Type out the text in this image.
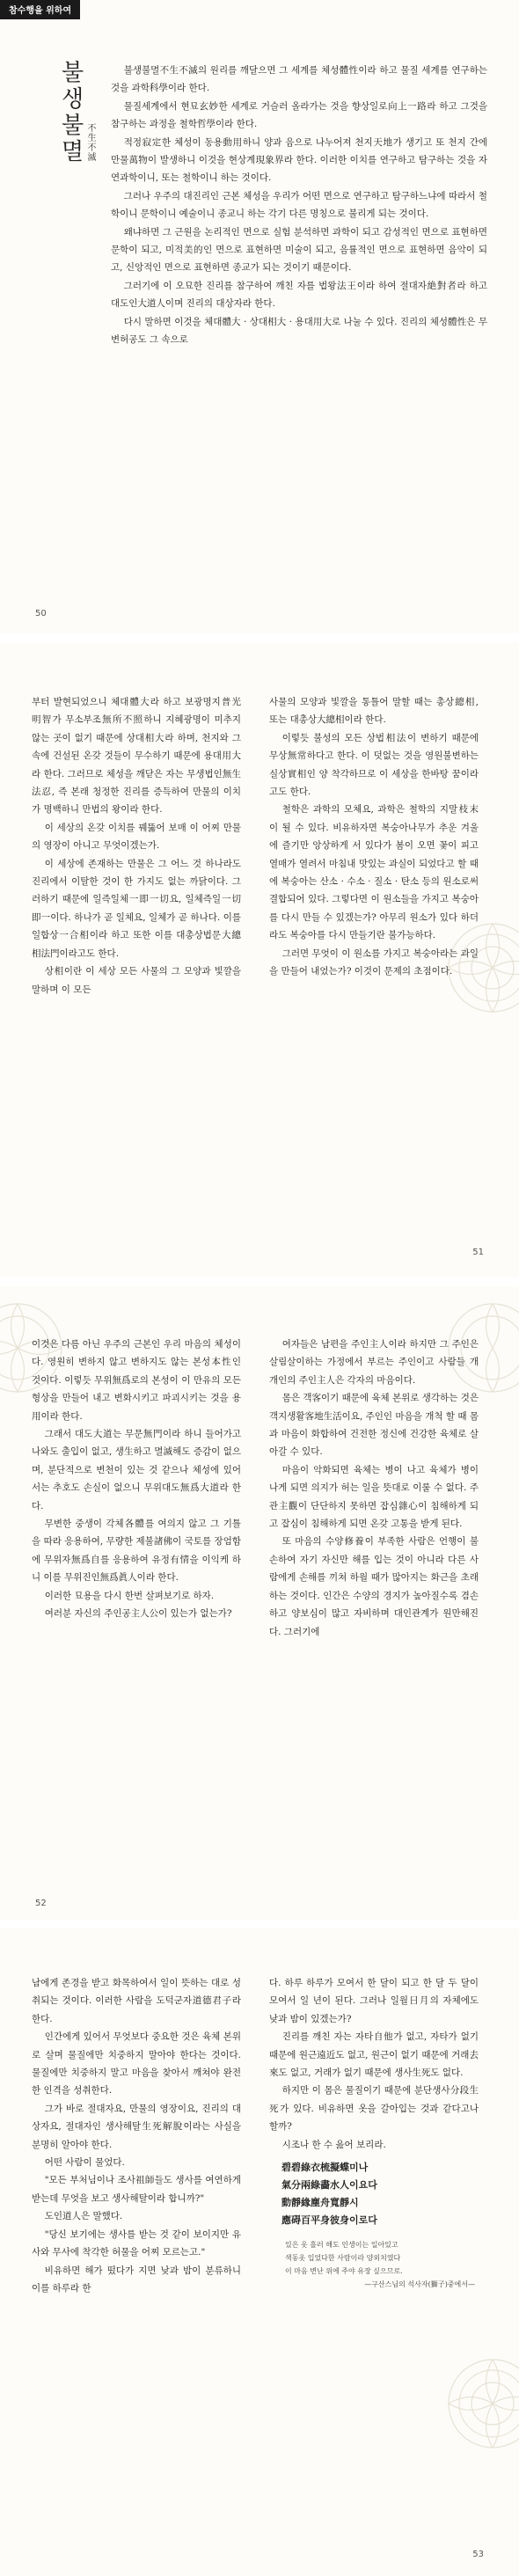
참수행을 위하여
불생불멸 不生不滅

불생불멸不生不滅의 원리를 깨달으면 그 세계를 체성體性이라 하고 물질 세계를 연구하는 것을 과학科學이라 한다.

물질세계에서 현묘玄妙한 세계로 거슬러 올라가는 것을 향상일로向上一路라 하고 그것을 참구하는 과정을 철학哲學이라 한다.

적정寂定한 체성이 동용動用하니 양과 음으로 나누어져 천지天地가 생기고 또 천지 간에 만물萬物이 발생하니 이것을 현상계現象界라 한다. 이러한 이치를 연구하고 탐구하는 것을 자연과학이니, 또는 철학이니 하는 것이다.

그러나 우주의 대진리인 근본 체성을 우리가 어떤 면으로 연구하고 탐구하느냐에 따라서 철학이니 문학이니 예술이니 종교니 하는 각기 다른 명칭으로 불리게 되는 것이다.

왜냐하면 그 근원을 논리적인 면으로 실험 분석하면 과학이 되고 감성적인 면으로 표현하면 문학이 되고, 미적美的인 면으로 표현하면 미술이 되고, 음률적인 면으로 표현하면 음악이 되고, 신앙적인 면으로 표현하면 종교가 되는 것이기 때문이다.

그러기에 이 오묘한 진리를 참구하여 깨친 자를 법왕法王이라 하여 절대자絶對者라 하고 대도인大道人이며 진리의 대상자라 한다.

다시 말하면 이것을 체대體大 · 상대相大 · 용대用大로 나눌 수 있다. 진리의 체성體性은 무변허공도 그 속으로

50

부터 발현되었으니 체대體大라 하고 보광명지普光明智가 무소부조無所不照하니 지혜광명이 미추지 않는 곳이 없기 때문에 상대相大라 하며, 천지와 그 속에 건설된 온갖 것들이 무수하기 때문에 용대用大라 한다. 그러므로 체성을 깨닫은 자는 무생법인無生法忍, 즉 본래 청정한 진리를 증득하여 만물의 이치가 명백하니 만법의 왕이라 한다.

이 세상의 온갖 이치를 꿰뚫어 보매 이 어찌 만물의 영장이 아니고 무엇이겠는가.

이 세상에 존재하는 만물은 그 어느 것 하나라도 진리에서 이탈한 것이 한 가지도 없는 까닭이다. 그러하기 때문에 일즉일체一即一切요, 일체즉일一切即一이다. 하나가 곧 일체요, 일체가 곧 하나다. 이를 일합상一合相이라 하고 또한 이를 대총상법문大總相法門이라고도 한다.

상相이란 이 세상 모든 사물의 그 모양과 빛깔을 말하며 이 모든

사물의 모양과 빛깔을 통틀어 말할 때는 총상總相, 또는 대총상大總相이라 한다.

이렇듯 불성의 모든 상법相法이 변하기 때문에 무상無常하다고 한다. 이 덧없는 것을 영원불변하는 실상實相인 양 착각하므로 이 세상을 한바탕 꿈이라고도 한다.

철학은 과학의 모체요, 과학은 철학의 지말枝末이 될 수 있다. 비유하자면 복숭아나무가 추운 겨울에 즐기만 앙상하게 서 있다가 봄이 오면 꽃이 피고 열매가 열려서 마침내 맛있는 과실이 되었다고 할 때에 복숭아는 산소 · 수소 · 질소 · 탄소 등의 원소로써 결합되어 있다. 그렇다면 이 원소들을 가지고 복숭아를 다시 만들 수 있겠는가? 아무리 원소가 있다 하더라도 복숭아를 다시 만들기란 불가능하다.

그러면 무엇이 이 원소를 가지고 복숭아라는 과일을 만들어 내었는가? 이것이 문제의 초점이다.

51

이것은 다름 아닌 우주의 근본인 우리 마음의 체성이다. 영원히 변하지 않고 변하지도 않는 본성本性인 것이다. 이렇듯 무위無爲로의 본성이 이 만유의 모든 형상을 만들어 내고 변화시키고 파괴시키는 것을 용用이라 한다.

그래서 대도大道는 무문無門이라 하니 들어가고 나와도 출입이 없고, 생生하고 멸滅해도 증감이 없으며, 분단적으로 변천이 있는 것 같으나 체성에 있어서는 추호도 손실이 없으니 무위대도無爲大道라 한다.

무변한 중생이 각체各體를 여의지 않고 그 기틀을 따라 응용하여, 무량한 제불諸佛이 국토를 장엄함에 무위자無爲自를 응용하여 유정有情을 이익케 하니 이를 무위진인無爲眞人이라 한다.

이러한 묘용을 다시 한번 살펴보기로 하자.

여러분 자신의 주인공主人公이 있는가 없는가?

여자들은 남편을 주인主人이라 하지만 그 주인은 살림살이하는 가정에서 부르는 주인이고 사람들 개개인의 주인主人은 각자의 마음이다.

몸은 객客이기 때문에 육체 본위로 생각하는 것은 객지생활客地生活이요, 주인인 마음을 개척 할 때 몸과 마음이 화합하여 건전한 정신에 건강한 육체로 살아갈 수 있다.

마음이 악화되면 육체는 병이 나고 육체가 병이 나게 되면 의지가 허는 일을 뜻대로 이룰 수 없다. 주관主觀이 단단하지 못하면 잡심雜心이 침해하게 되고 잡심이 침해하게 되면 온갖 고통을 받게 된다.

또 마음의 수양修養이 부족한 사람은 언행이 불손하여 자기 자신만 해를 입는 것이 아니라 다른 사람에게 손해를 끼쳐 하월 때가 많아지는 화근을 초래하는 것이다. 인간은 수양의 경지가 높아질수록 겸손하고 양보심이 많고 자비하며 대인관계가 원만해진다. 그러기에

52

남에게 존경을 받고 화목하여서 일이 뜻하는 대로 성취되는 것이다. 이러한 사람을 도덕군자道德君子라 한다.

인간에게 있어서 무엇보다 중요한 것은 육체 본위로 살며 물질에만 치중하지 말아야 한다는 것이다. 물질에만 치중하지 말고 마음을 찾아서 깨쳐야 완전한 인격을 성취한다.

그가 바로 절대자요, 만물의 영장이요, 진리의 대상자요, 절대자인 생사해탈生死解脫이라는 사실을 분명히 알아야 한다.

어떤 사람이 물었다.

"모든 부처님이나 조사祖師들도 생사를 여연하게 받는데 무엇을 보고 생사해탈이라 합니까?"

도인道人은 말했다.

"당신 보기에는 생사를 받는 것 같이 보이지만 유사와 무사에 착각한 허물을 어찌 모르는고."

비유하면 해가 떴다가 지면 낮과 밤이 분류하니 이를 하루라 한

다. 하루 하루가 모여서 한 달이 되고 한 달 두 달이 모여서 일 년이 된다. 그러나 일월日月의 자체에도 낮과 밤이 있겠는가?

진리를 깨친 자는 자타自他가 없고, 자타가 없기 때문에 원근遠近도 없고, 원근이 없기 때문에 거래去來도 없고, 거래가 없기 때문에 생사生死도 없다.

하지만 이 몸은 물질이기 때문에 분단생사分段生死가 있다. 비유하면 옷을 갈아입는 것과 같다고나 할까?

시조나 한 수 읊어 보리라.

碧碧綠衣梳擬蝶미나
氣分兩綠畵水人이요다
動靜緣塵舟寬靜시
應碍百平身彼身이로다
있은 옷 흘러 해도 인생이는 일아있고
색동옷 입었다한 사람이라 양외치였다
이 마음 변난 위에 주야 유장 싶으므로.
—구산스님의 석사자(獅子)중에서—
53
